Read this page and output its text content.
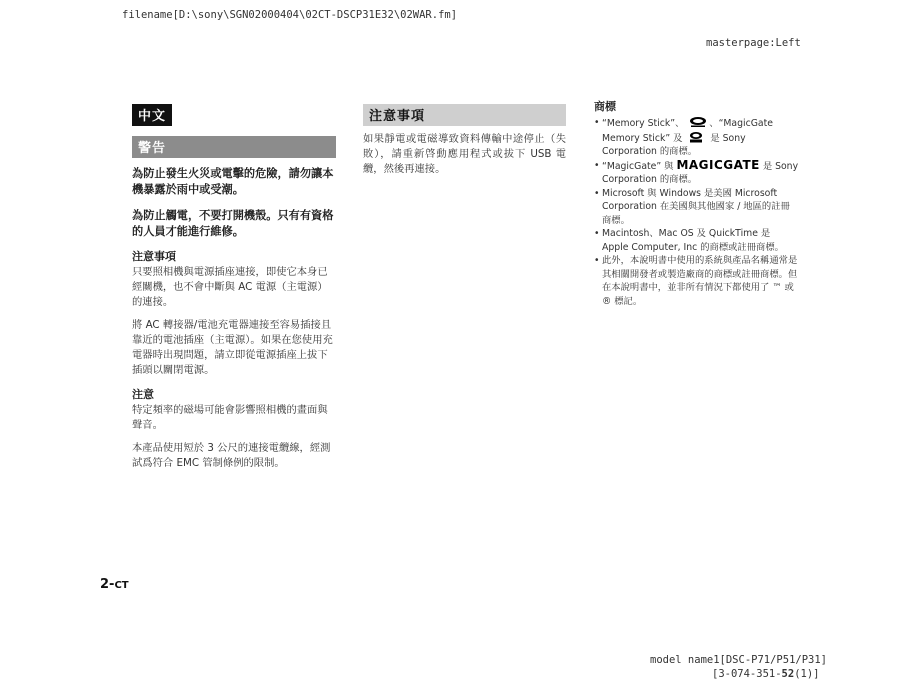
filename[D:\sony\SGN02000404\02CT-DSCP31E32\02WAR.fm]
masterpage:Left
中文
警告
為防止發生火災或電擊的危險，請勿讓本機暴露於雨中或受潮。
為防止觸電，不要打開機殼。只有有資格的人員才能進行維修。
注意事項
只要照相機與電源插座連接，即使它本身已經關機，也不會中斷與 AC 電源（主電源）的連接。
將 AC 轉接器/電池充電器連接至容易插接且靠近的電池插座（主電源）。如果在您使用充電器時出現問題，請立即從電源插座上拔下插頭以關閉電源。
注意
特定頻率的磁場可能會影響照相機的畫面與聲音。
本產品使用短於 3 公尺的連接電纜線，經測試爲符合 EMC 管制條例的限制。
注意事項
如果靜電或電磁導致資料傳輸中途停止（失敗），請重新啓動應用程式或拔下 USB 電纜，然後再連接。
商標
• “Memory Stick”、	、“MagicGate Memory Stick” 及	是 Sony Corporation 的商標。
• “MagicGate” 與 MAGICGATE 是 Sony Corporation 的商標。
• Microsoft 與 Windows 是美國 Microsoft Corporation 在美國與其他國家 / 地區的註冊商標。
• Macintosh、Mac OS 及 QuickTime 是 Apple Computer, Inc 的商標或註冊商標。
• 此外，本說明書中使用的系統與產品名稱通常是其相關開發者或製造廠商的商標或註冊商標。但在本說明書中，並非所有情況下都使用了 ™ 或 ® 標記。
2-CT
model name1[DSC-P71/P51/P31]
[3-074-351-52(1)]
